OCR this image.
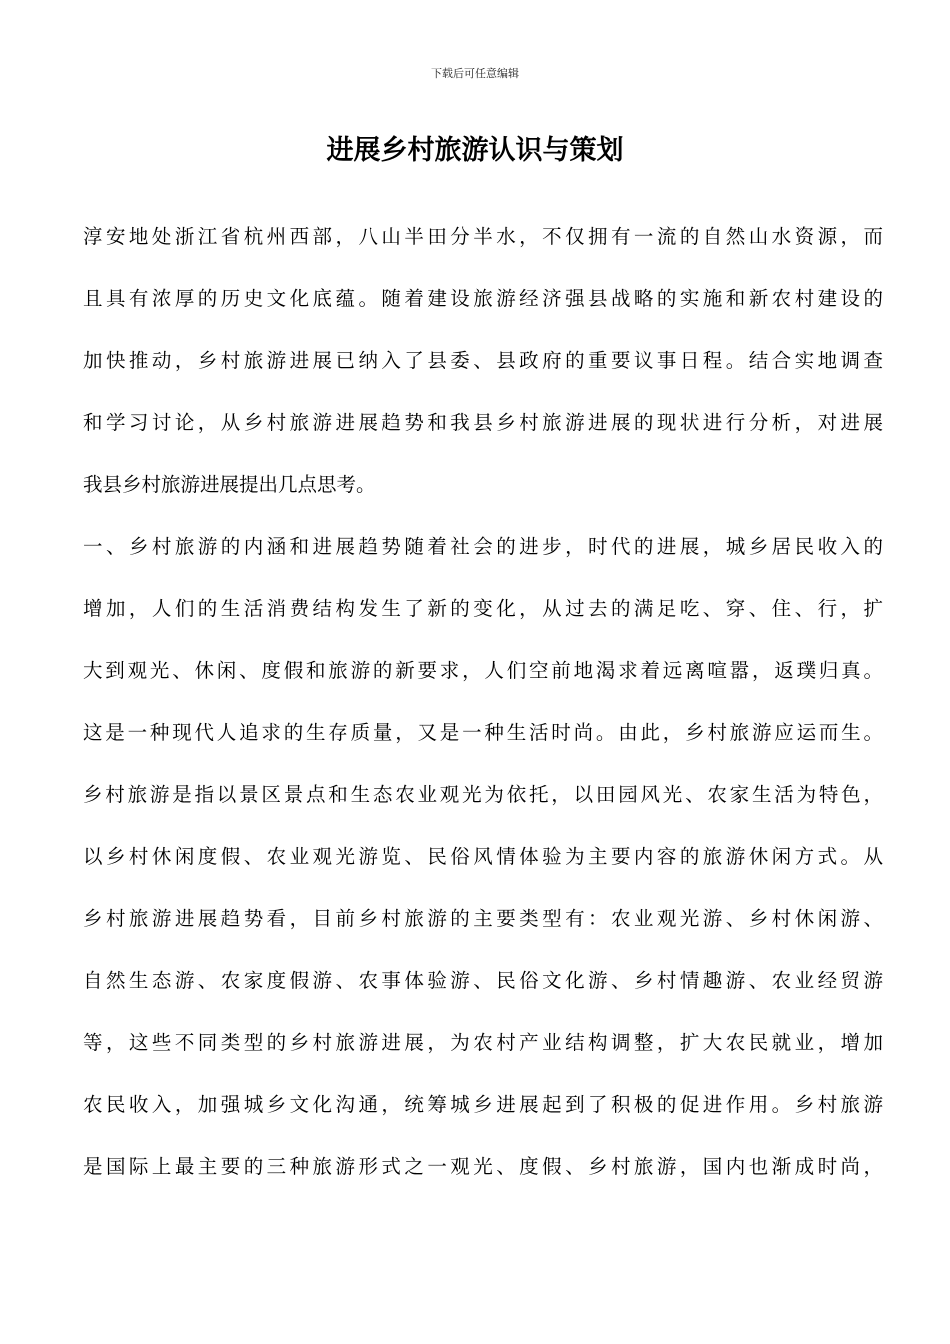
下载后可任意编辑
进展乡村旅游认识与策划
淳安地处浙江省杭州西部，八山半田分半水，不仅拥有一流的自然山水资源，而
且具有浓厚的历史文化底蕴。随着建设旅游经济强县战略的实施和新农村建设的
加快推动，乡村旅游进展已纳入了县委、县政府的重要议事日程。结合实地调查
和学习讨论，从乡村旅游进展趋势和我县乡村旅游进展的现状进行分析，对进展
我县乡村旅游进展提出几点思考。
一、乡村旅游的内涵和进展趋势随着社会的进步，时代的进展，城乡居民收入的
增加，人们的生活消费结构发生了新的变化，从过去的满足吃、穿、住、行，扩
大到观光、休闲、度假和旅游的新要求，人们空前地渴求着远离喧嚣，返璞归真。
这是一种现代人追求的生存质量，又是一种生活时尚。由此，乡村旅游应运而生。
乡村旅游是指以景区景点和生态农业观光为依托，以田园风光、农家生活为特色，
以乡村休闲度假、农业观光游览、民俗风情体验为主要内容的旅游休闲方式。从
乡村旅游进展趋势看，目前乡村旅游的主要类型有：农业观光游、乡村休闲游、
自然生态游、农家度假游、农事体验游、民俗文化游、乡村情趣游、农业经贸游
等，这些不同类型的乡村旅游进展，为农村产业结构调整，扩大农民就业，增加
农民收入，加强城乡文化沟通，统筹城乡进展起到了积极的促进作用。乡村旅游
是国际上最主要的三种旅游形式之一观光、度假、乡村旅游，国内也渐成时尚，
